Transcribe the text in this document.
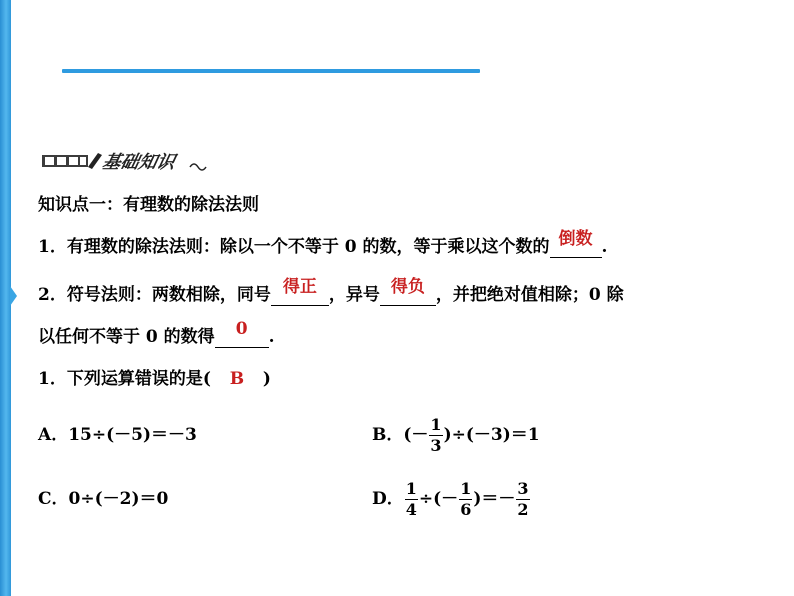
基础知识
知识点一：有理数的除法法则
1．有理数的除法法则：除以一个不等于 0 的数，等于乘以这个数的 倒数 .
2．符号法则：两数相除，同号 得正 ，异号 得负 ，并把绝对值相除；0 除
以任何不等于 0 的数得	0	.
1．下列运算错误的是( B )
A．15÷(－5)＝－3	B． (－ $\frac{1}{3} )\div(-3)=1$
C．0÷(－2)＝0	D． $\frac{1}{4}$ ÷(－ $\frac{1}{6}$ )＝－ $\frac{3}{2}$
